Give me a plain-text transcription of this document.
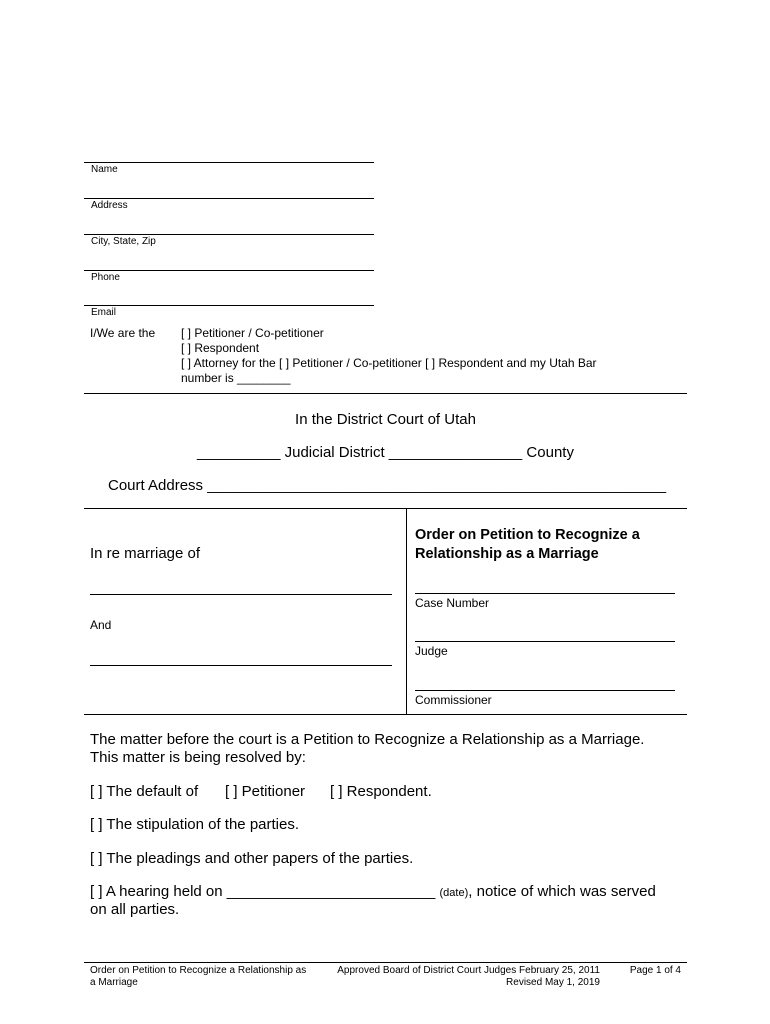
Name
Address
City, State, Zip
Phone
Email
I/We are the [ ] Petitioner / Co-petitioner
[ ] Respondent
[ ] Attorney for the [ ] Petitioner / Co-petitioner [ ] Respondent and my Utah Bar
number is ________
In the District Court of Utah
__________ Judicial District ________________ County
Court Address _______________________________________________________
In re marriage of
And
Order on Petition to Recognize a Relationship as a Marriage
Case Number
Judge
Commissioner
The matter before the court is a Petition to Recognize a Relationship as a Marriage.
This matter is being resolved by:
[ ] The default of [ ] Petitioner [ ] Respondent.
[ ] The stipulation of the parties.
[ ] The pleadings and other papers of the parties.
[ ] A hearing held on _________________________ (date), notice of which was served
on all parties.
Order on Petition to Recognize a Relationship as
a Marriage
Approved Board of District Court Judges February 25, 2011
Revised May 1, 2019
Page 1 of 4
